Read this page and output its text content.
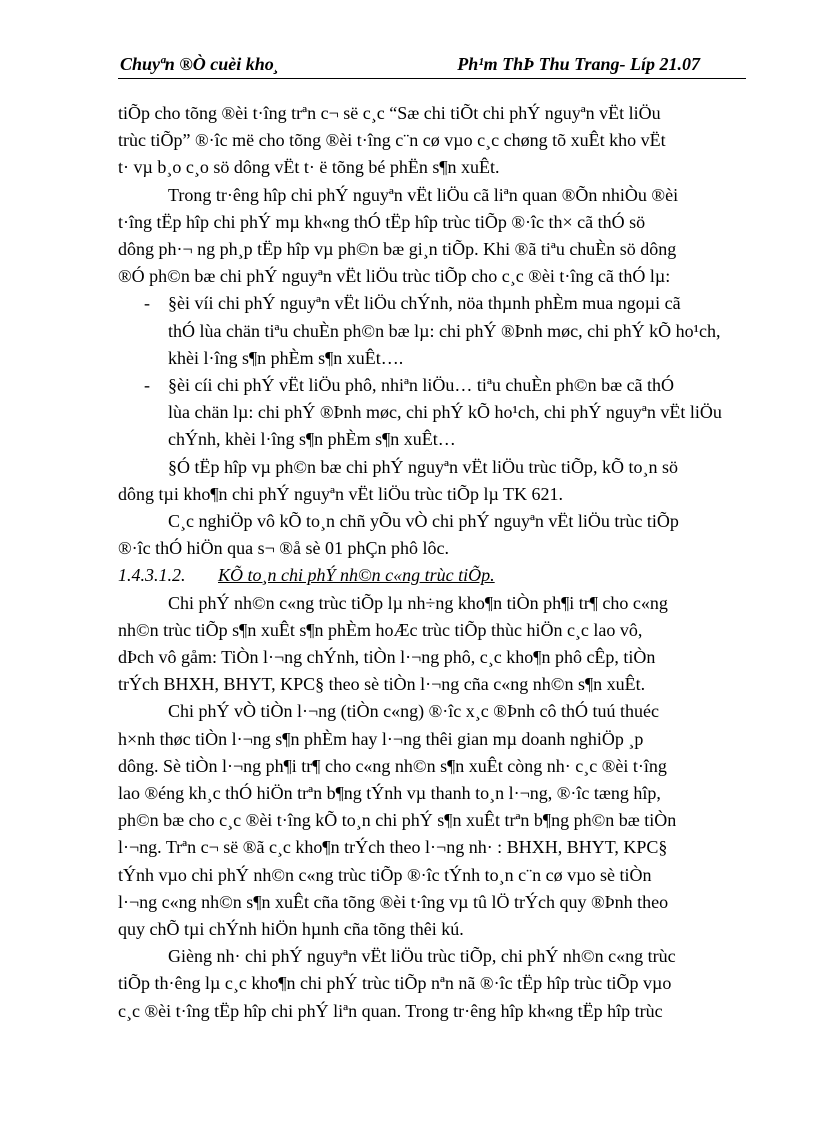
Chuyªn ®Ò cuèi kho¸	Ph¹m ThÞ Thu Trang- Líp 21.07
tiÕp cho tõng ®èi t·îng trªn c¬ së c¸c “Sæ chi tiÕt chi phÝ nguyªn vËt liÖu
trùc tiÕp” ®·îc më cho tõng ®èi t·îng c¨n cø vµo c¸c chøng tõ xuÊt kho vËt
t· vµ b¸o c¸o sö dông vËt t· ë tõng bé phËn s¶n xuÊt.
Trong tr·êng hîp chi phÝ nguyªn vËt liÖu cã liªn quan ®Õn nhiÒu ®èi
t·îng tËp hîp chi phÝ mµ kh«ng thÓ tËp hîp trùc tiÕp ®·îc th× cã thÓ sö
dông ph·¬ ng ph¸p tËp hîp vµ ph©n bæ gi¸n tiÕp. Khi ®ã tiªu chuÈn sö dông
®Ó ph©n bæ chi phÝ nguyªn vËt liÖu trùc tiÕp cho c¸c ®èi t·îng cã thÓ lµ:
- §èi víi chi phÝ nguyªn vËt liÖu chÝnh, nöa thµnh phÈm mua ngoµi cã
thÓ lùa chän tiªu chuÈn ph©n bæ lµ: chi phÝ ®Þnh møc, chi phÝ kÕ ho¹ch,
khèi l·îng s¶n phÈm s¶n xuÊt….
- §èi cíi chi phÝ vËt liÖu phô, nhiªn liÖu… tiªu chuÈn ph©n bæ cã thÓ
lùa chän lµ: chi phÝ ®Þnh møc, chi phÝ kÕ ho¹ch, chi phÝ nguyªn vËt liÖu
chÝnh, khèi l·îng s¶n phÈm s¶n xuÊt…
§Ó tËp hîp vµ ph©n bæ chi phÝ nguyªn vËt liÖu trùc tiÕp, kÕ to¸n sö
dông tµi kho¶n chi phÝ nguyªn vËt liÖu trùc tiÕp lµ TK 621.
C¸c nghiÖp vô kÕ to¸n chñ yÕu vÒ chi phÝ nguyªn vËt liÖu trùc tiÕp
®·îc thÓ hiÖn qua s¬ ®å sè 01 phÇn phô lôc.
1.4.3.1.2. KÕ to¸n chi phÝ nh©n c«ng trùc tiÕp.
Chi phÝ nh©n c«ng trùc tiÕp lµ nh÷ng kho¶n tiÒn ph¶i tr¶ cho c«ng
nh©n trùc tiÕp s¶n xuÊt s¶n phÈm hoÆc trùc tiÕp thùc hiÖn c¸c lao vô,
dÞch vô gåm: TiÒn l·¬ng chÝnh, tiÒn l·¬ng phô, c¸c kho¶n phô cÊp, tiÒn
trÝch BHXH, BHYT, KPC§ theo sè tiÒn l·¬ng cña c«ng nh©n s¶n xuÊt.
Chi phÝ vÒ tiÒn l·¬ng (tiÒn c«ng) ®·îc x¸c ®Þnh cô thÓ tuú thuéc
h×nh thøc tiÒn l·¬ng s¶n phÈm hay l·¬ng thêi gian mµ doanh nghiÖp ¸p
dông. Sè tiÒn l·¬ng ph¶i tr¶ cho c«ng nh©n s¶n xuÊt còng nh· c¸c ®èi t·îng
lao ®éng kh¸c thÓ hiÖn trªn b¶ng tÝnh vµ thanh to¸n l·¬ng, ®·îc tæng hîp,
ph©n bæ cho c¸c ®èi t·îng kÕ to¸n chi phÝ s¶n xuÊt trªn b¶ng ph©n bæ tiÒn
l·¬ng. Trªn c¬ së ®ã c¸c kho¶n trÝch theo l·¬ng nh· : BHXH, BHYT, KPC§
tÝnh vµo chi phÝ nh©n c«ng trùc tiÕp ®·îc tÝnh to¸n c¨n cø vµo sè tiÒn
l·¬ng c«ng nh©n s¶n xuÊt cña tõng ®èi t·îng vµ tû lÖ trÝch quy ®Þnh theo
quy chÕ tµi chÝnh hiÖn hµnh cña tõng thêi kú.
Gièng nh· chi phÝ nguyªn vËt liÖu trùc tiÕp, chi phÝ nh©n c«ng trùc
tiÕp th·êng lµ c¸c kho¶n chi phÝ trùc tiÕp nªn nã ®·îc tËp hîp trùc tiÕp vµo
c¸c ®èi t·îng tËp hîp chi phÝ liªn quan. Trong tr·êng hîp kh«ng tËp hîp trùc
